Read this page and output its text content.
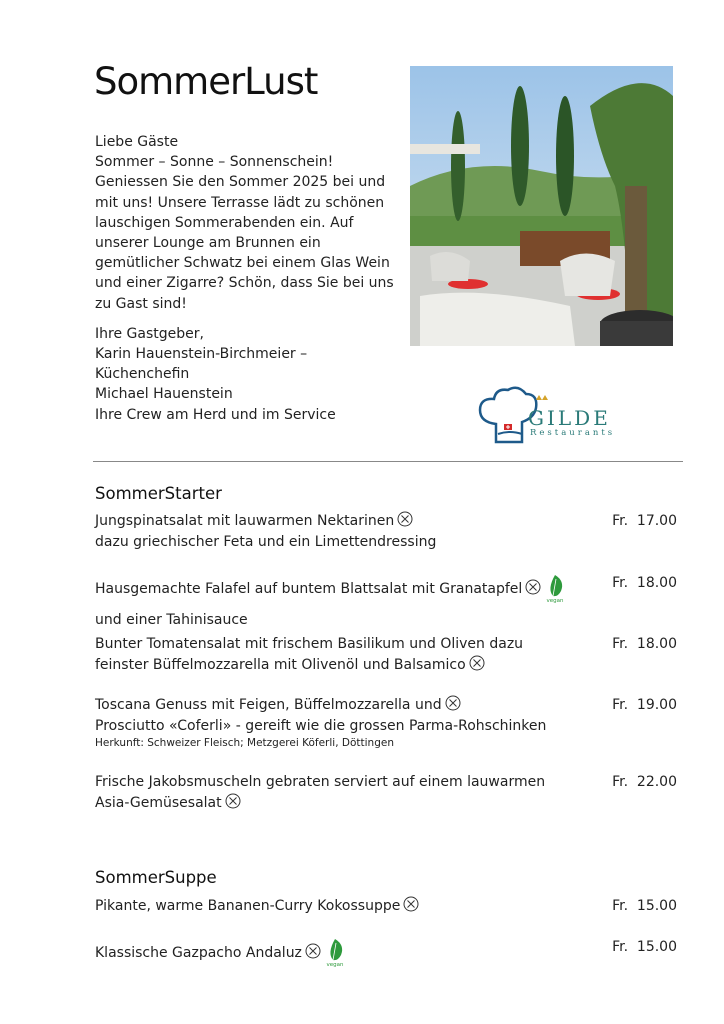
SommerLust

Liebe Gäste
Sommer – Sonne – Sonnenschein!
Geniessen Sie den Sommer 2025 bei und
mit uns! Unsere Terrasse lädt zu schönen
lauschigen Sommerabenden ein. Auf
unserer Lounge am Brunnen ein
gemütlicher Schwatz bei einem Glas Wein
und einer Zigarre? Schön, dass Sie bei uns
zu Gast sind!

Ihre Gastgeber,
Karin Hauenstein-Birchmeier –
Küchenchefin
Michael Hauenstein
Ihre Crew am Herd und im Service	GILDE
Restaurants
SommerStarter
Jungspinatsalat mit lauwarmen Nektarinen
dazu griechischer Feta und ein Limettendressing
Fr.  17.00
Hausgemachte Falafel auf buntem Blattsalat mit Granatapfel
vegan

und einer Tahinisauce
Fr.  18.00
Bunter Tomatensalat mit frischem Basilikum und Oliven dazu
feinster Büffelmozzarella mit Olivenöl und Balsamico
Fr.  18.00
Toscana Genuss mit Feigen, Büffelmozzarella und
Prosciutto «Coferli» - gereift wie die grossen Parma-Rohschinken
Herkunft: Schweizer Fleisch; Metzgerei Köferli, Döttingen
Fr.  19.00
Frische Jakobsmuscheln gebraten serviert auf einem lauwarmen
Asia-Gemüsesalat
Fr.  22.00
SommerSuppe
Pikante, warme Bananen-Curry Kokossuppe	Fr.  15.00
Klassische Gazpacho Andaluz
vegan
Fr.  15.00
